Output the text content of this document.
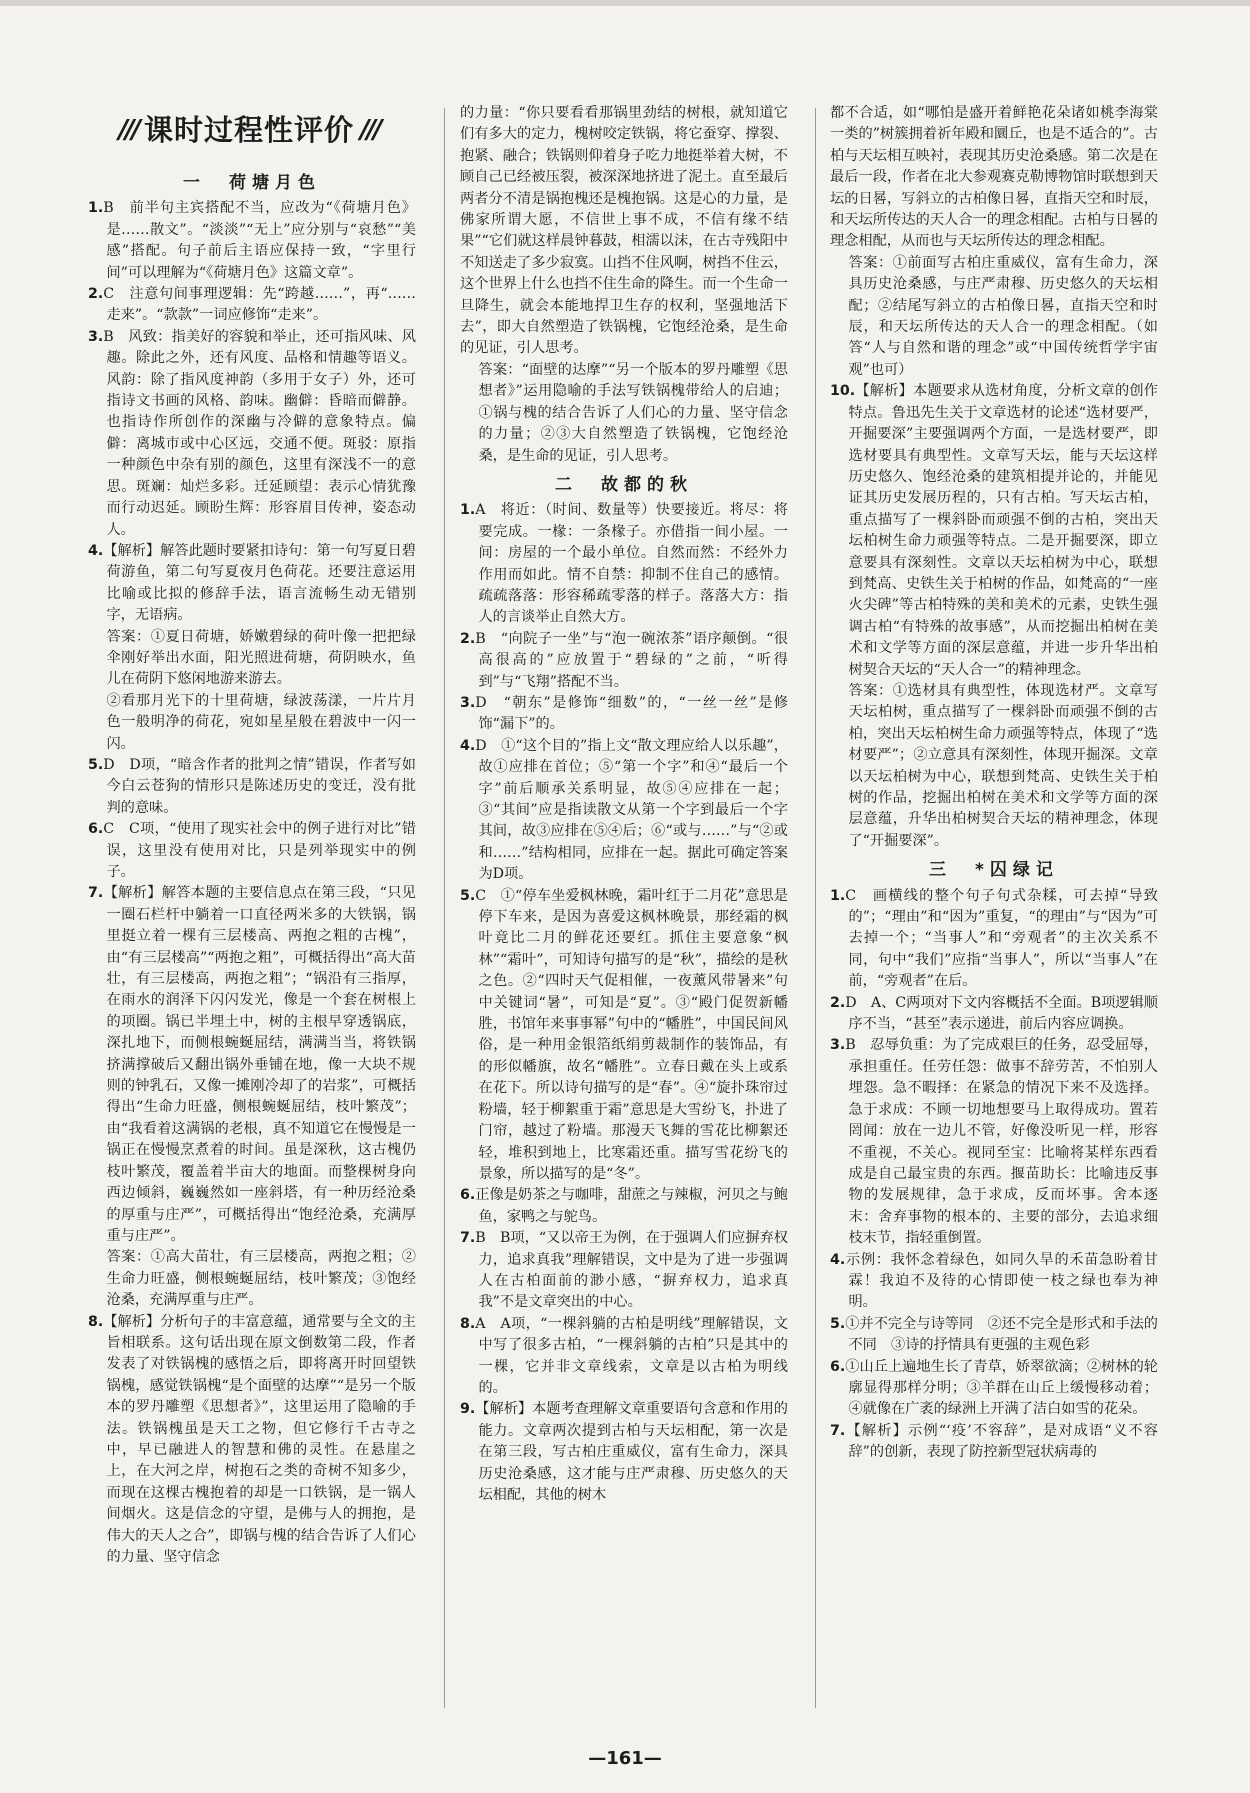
/// 课时过程性评价 ///
一　荷塘月色
1.B　前半句主宾搭配不当，应改为“《荷塘月色》是……散文”。“淡淡”“无上”应分别与“哀愁”“美感”搭配。句子前后主语应保持一致，“字里行间”可以理解为“《荷塘月色》这篇文章”。
2.C　注意句间事理逻辑：先“跨越……”，再“……走来”。“款款”一词应修饰“走来”。
3.B　风致：指美好的容貌和举止，还可指风味、风趣。除此之外，还有风度、品格和情趣等语义。风韵：除了指风度神韵（多用于女子）外，还可指诗文书画的风格、韵味。幽僻：昏暗而僻静。也指诗作所创作的深幽与冷僻的意象特点。偏僻：离城市或中心区远，交通不便。斑驳：原指一种颜色中杂有别的颜色，这里有深浅不一的意思。斑斓：灿烂多彩。迁延顾望：表示心情犹豫而行动迟延。顾盼生辉：形容眉目传神，姿态动人。
4.【解析】解答此题时要紧扣诗句：第一句写夏日碧荷游鱼，第二句写夏夜月色荷花。还要注意运用比喻或比拟的修辞手法，语言流畅生动无错别字，无语病。
答案：①夏日荷塘，娇嫩碧绿的荷叶像一把把绿伞刚好举出水面，阳光照进荷塘，荷阴映水，鱼儿在荷阴下悠闲地游来游去。
②看那月光下的十里荷塘，绿波荡漾，一片片月色一般明净的荷花，宛如星星般在碧波中一闪一闪。
5.D　D项，“暗含作者的批判之情”错误，作者写如今白云苍狗的情形只是陈述历史的变迁，没有批判的意味。
6.C　C项，“使用了现实社会中的例子进行对比”错误，这里没有使用对比，只是列举现实中的例子。
7.【解析】解答本题的主要信息点在第三段，“只见一圈石栏杆中躺着一口直径两米多的大铁锅，锅里挺立着一棵有三层楼高、两抱之粗的古槐”，由“有三层楼高”“两抱之粗”，可概括得出“高大苗壮，有三层楼高，两抱之粗”；“锅沿有三指厚，在雨水的润泽下闪闪发光，像是一个套在树根上的项圈。锅已半埋土中，树的主根早穿透锅底，深扎地下，而侧根蜿蜒屈结，满满当当，将铁锅挤满撑破后又翻出锅外垂铺在地，像一大块不规则的钟乳石，又像一摊刚冷却了的岩浆”，可概括得出“生命力旺盛，侧根蜿蜒屈结，枝叶繁茂”；由“我看着这满锅的老根，真不知道它在慢慢是一锅正在慢慢烹煮着的时间。虽是深秋，这古槐仍枝叶繁茂，覆盖着半亩大的地面。而整棵树身向西边倾斜，巍巍然如一座斜塔，有一种历经沧桑的厚重与庄严”，可概括得出“饱经沧桑，充满厚重与庄严”。
答案：①高大苗壮，有三层楼高，两抱之粗；②生命力旺盛，侧根蜿蜒屈结，枝叶繁茂；③饱经沧桑，充满厚重与庄严。
8.【解析】分析句子的丰富意蕴，通常要与全文的主旨相联系。这句话出现在原文倒数第二段，作者发表了对铁锅槐的感悟之后，即将离开时回望铁锅槐，感觉铁锅槐“是个面壁的达摩”“是另一个版本的罗丹雕塑《思想者》”，这里运用了隐喻的手法。铁锅槐虽是天工之物，但它修行千古寺之中，早已融进人的智慧和佛的灵性。在悬崖之上，在大河之岸，树抱石之类的奇树不知多少，而现在这棵古槐抱着的却是一口铁锅，是一锅人间烟火。这是信念的守望，是佛与人的拥抱，是伟大的天人之合”，即锅与槐的结合告诉了人们心的力量、坚守信念
的力量：“你只要看看那锅里劲结的树根，就知道它们有多大的定力，槐树咬定铁锅，将它蚕穿、撑裂、抱紧、融合；铁锅则仰着身子吃力地挺举着大树，不顾自己已经被压裂，被深深地挤进了泥土。直至最后两者分不清是锅抱槐还是槐抱锅。这是心的力量，是佛家所谓大愿，不信世上事不成，不信有缘不结果”“它们就这样晨钟暮鼓，相濡以沫，在古寺残阳中不知送走了多少寂寞。山挡不住风啊，树挡不住云，这个世界上什么也挡不住生命的降生。而一个生命一旦降生，就会本能地捍卫生存的权利，坚强地活下去”，即大自然塑造了铁锅槐，它饱经沧桑，是生命的见证，引人思考。
答案：“面壁的达摩”“另一个版本的罗丹雕塑《思想者》”运用隐喻的手法写铁锅槐带给人的启迪；①锅与槐的结合告诉了人们心的力量、坚守信念的力量；②③大自然塑造了铁锅槐，它饱经沧桑，是生命的见证，引人思考。
二　故都的秋
1.A　将近：（时间、数量等）快要接近。将尽：将要完成。一椽：一条椽子。亦借指一间小屋。一间：房屋的一个最小单位。自然而然：不经外力作用而如此。情不自禁：抑制不住自己的感情。疏疏落落：形容稀疏零落的样子。落落大方：指人的言谈举止自然大方。
2.B　“向院子一坐”与“泡一碗浓茶”语序颠倒。“很高很高的”应放置于“碧绿的”之前，“听得到”与“飞翔”搭配不当。
3.D　“朝东”是修饰“细数”的，“一丝一丝”是修饰“漏下”的。
4.D　①“这个目的”指上文“散文理应给人以乐趣”，故①应排在首位；⑤“第一个字”和④“最后一个字”前后顺承关系明显，故⑤④应排在一起；③“其间”应是指读散文从第一个字到最后一个字其间，故③应排在⑤④后；⑥“或与……”与“②或和……”结构相同，应排在一起。据此可确定答案为D项。
5.C　①“停车坐爱枫林晚，霜叶红于二月花”意思是停下车来，是因为喜爱这枫林晚景，那经霜的枫叶竟比二月的鲜花还要红。抓住主要意象“枫林”“霜叶”，可知诗句描写的是“秋”，描绘的是秋之色。②“四时天气促相催，一夜薰风带暑来”句中关键词“暑”，可知是“夏”。③“殿门促贺新幡胜，书馆年来事事幂”句中的“幡胜”，中国民间风俗，是一种用金银箔纸绢剪裁制作的装饰品，有的形似幡旗，故名“幡胜”。立春日戴在头上或系在花下。所以诗句描写的是“春”。④“旋扑珠帘过粉墙，轻于柳絮重于霜”意思是大雪纷飞，扑进了门帘，越过了粉墙。那漫天飞舞的雪花比柳絮还轻，堆积到地上，比寒霜还重。描写雪花纷飞的景象，所以描写的是“冬”。
6.正像是奶茶之与咖啡，甜蔗之与辣椒，河贝之与鲍鱼，家鸭之与鸵鸟。
7.B　B项，“又以帝王为例，在于强调人们应摒弃权力，追求真我”理解错误，文中是为了进一步强调人在古柏面前的渺小感，“摒弃权力，追求真我”不是文章突出的中心。
8.A　A项，“一棵斜躺的古柏是明线”理解错误，文中写了很多古柏，“一棵斜躺的古柏”只是其中的一棵，它并非文章线索，文章是以古柏为明线的。
9.【解析】本题考查理解文章重要语句含意和作用的能力。文章两次提到古柏与天坛相配，第一次是在第三段，写古柏庄重威仪，富有生命力，深具历史沧桑感，这才能与庄严肃穆、历史悠久的天坛相配，其他的树木
都不合适，如“哪怕是盛开着鲜艳花朵诸如桃李海棠一类的”树簇拥着祈年殿和圜丘，也是不适合的”。古柏与天坛相互映衬，表现其历史沧桑感。第二次是在最后一段，作者在北大参观赛克勒博物馆时联想到天坛的日晷，写斜立的古柏像日晷，直指天空和时辰，和天坛所传达的天人合一的理念相配。古柏与日晷的理念相配，从而也与天坛所传达的理念相配。
答案：①前面写古柏庄重威仪，富有生命力，深具历史沧桑感，与庄严肃穆、历史悠久的天坛相配；②结尾写斜立的古柏像日晷，直指天空和时辰，和天坛所传达的天人合一的理念相配。（如答“人与自然和谐的理念”或“中国传统哲学宇宙观”也可）
10.【解析】本题要求从选材角度，分析文章的创作特点。鲁迅先生关于文章选材的论述“选材要严，开掘要深”主要强调两个方面，一是选材要严，即选材要具有典型性。文章写天坛，能与天坛这样历史悠久、饱经沧桑的建筑相提并论的，并能见证其历史发展历程的，只有古柏。写天坛古柏，重点描写了一棵斜卧而顽强不倒的古柏，突出天坛柏树生命力顽强等特点。二是开掘要深，即立意要具有深刻性。文章以天坛柏树为中心，联想到梵高、史铁生关于柏树的作品，如梵高的“一座火尖碑”等古柏特殊的美和美术的元素，史铁生强调古柏“有特殊的故事感”，从而挖掘出柏树在美术和文学等方面的深层意蕴，并进一步升华出柏树契合天坛的“天人合一”的精神理念。
答案：①选材具有典型性，体现选材严。文章写天坛柏树，重点描写了一棵斜卧而顽强不倒的古柏，突出天坛柏树生命力顽强等特点，体现了“选材要严”；②立意具有深刻性，体现开掘深。文章以天坛柏树为中心，联想到梵高、史铁生关于柏树的作品，挖掘出柏树在美术和文学等方面的深层意蕴，升华出柏树契合天坛的精神理念，体现了“开掘要深”。
三　*囚绿记
1.C　画横线的整个句子句式杂糅，可去掉“导致的”；“理由”和“因为”重复，“的理由”与“因为”可去掉一个；“当事人”和“旁观者”的主次关系不同，句中“我们”应指“当事人”，所以“当事人”在前，“旁观者”在后。
2.D　A、C两项对下文内容概括不全面。B项逻辑顺序不当，“甚至”表示递进，前后内容应调换。
3.B　忍辱负重：为了完成艰巨的任务，忍受屈辱，承担重任。任劳任怨：做事不辞劳苦，不怕别人埋怨。急不暇择：在紧急的情况下来不及选择。急于求成：不顾一切地想要马上取得成功。置若罔闻：放在一边儿不管，好像没听见一样，形容不重视，不关心。视同至宝：比喻将某样东西看成是自己最宝贵的东西。揠苗助长：比喻违反事物的发展规律，急于求成，反而坏事。舍本逐末：舍弃事物的根本的、主要的部分，去追求细枝末节，指轻重倒置。
4.示例：我怀念着绿色，如同久旱的禾苗急盼着甘霖！我迫不及待的心情即使一枝之绿也奉为神明。
5.①并不完全与诗等同　②还不完全是形式和手法的不同　③诗的抒情具有更强的主观色彩
6.①山丘上遍地生长了青草，娇翠欲滴；②树林的轮廓显得那样分明；③羊群在山丘上缓慢移动着；④就像在广袤的绿洲上开满了洁白如雪的花朵。
7.【解析】示例“‘疫’不容辞”，是对成语“义不容辞”的创新，表现了防控新型冠状病毒的
—161—
